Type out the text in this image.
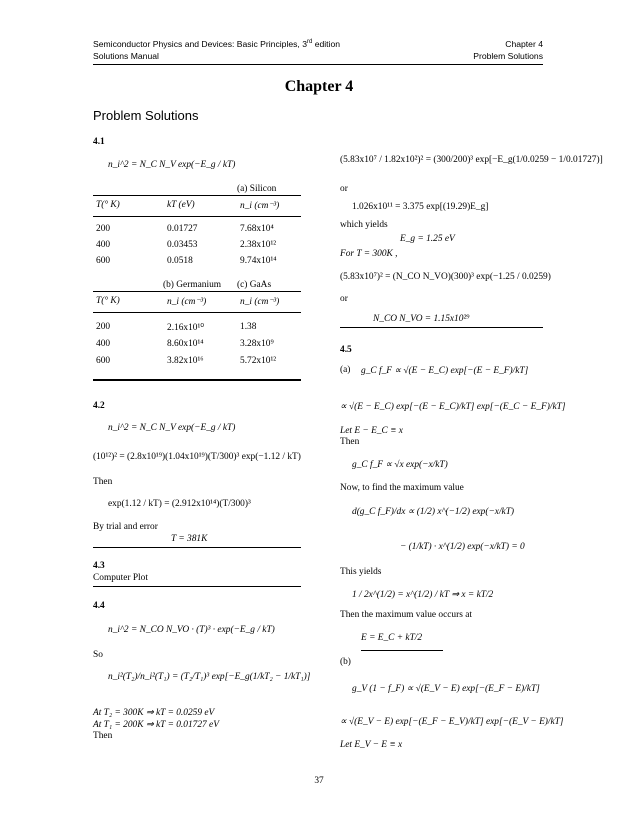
Semiconductor Physics and Devices: Basic Principles, 3rd edition
Solutions Manual
Chapter 4
Problem Solutions
Chapter 4
Problem Solutions
4.1
n_i^2 = N_C N_V exp(−E_g / kT)
(a) Silicon
T(° K)	kT (eV)	n_i (cm⁻³)
200	0.01727	7.68x10⁴
400	0.03453	2.38x10¹²
600	0.0518	9.74x10¹⁴
(b) Germanium (c) GaAs
T(° K)	n_i (cm⁻³)	n_i (cm⁻³)
200	2.16x10¹⁰	1.38
400	8.60x10¹⁴	3.28x10⁹
600	3.82x10¹⁶	5.72x10¹²
4.2
n_i^2 = N_C N_V exp(−E_g / kT)
(10¹²)² = (2.8x10¹⁹)(1.04x10¹⁹)(T/300)³ exp(−1.12 / kT)
Then
exp(1.12 / kT) = (2.912x10¹⁴)(T/300)³
By trial and error
T = 381K
4.3
Computer Plot
4.4
n_i^2 = N_CO N_VO · (T)³ · exp(−E_g / kT)
So
n_i²(T₂)/n_i²(T₁) = (T₂/T₁)³ exp[−E_g(1/kT₂ − 1/kT₁)]
At T₂ = 300K ⇒ kT = 0.0259 eV
At T₁ = 200K ⇒ kT = 0.01727 eV
Then
(5.83x10⁷ / 1.82x10²)² = (300/200)³ exp[−E_g(1/0.0259 − 1/0.01727)]
or
1.026x10¹¹ = 3.375 exp[(19.29)E_g]
which yields
E_g = 1.25 eV
For T = 300K ,
(5.83x10⁷)² = (N_CO N_VO)(300)³ exp(−1.25 / 0.0259)
or
N_CO N_VO = 1.15x10²⁹
4.5
(a) g_C f_F ∝ √(E − E_C) exp[−(E − E_F)/kT]
∝ √(E − E_C) exp[−(E − E_C)/kT] exp[−(E_C − E_F)/kT]
Let E − E_C ≡ x
Then
g_C f_F ∝ √x exp(−x/kT)
Now, to find the maximum value
d(g_C f_F)/dx ∝ (1/2) x^(−1/2) exp(−x/kT)
− (1/kT) · x^(1/2) exp(−x/kT) = 0
This yields
1 / 2x^(1/2) = x^(1/2) / kT ⇒ x = kT/2
Then the maximum value occurs at
E = E_C + kT/2
(b)
g_V (1 − f_F) ∝ √(E_V − E) exp[−(E_F − E)/kT]
∝ √(E_V − E) exp[−(E_F − E_V)/kT] exp[−(E_V − E)/kT]
Let E_V − E ≡ x
37
